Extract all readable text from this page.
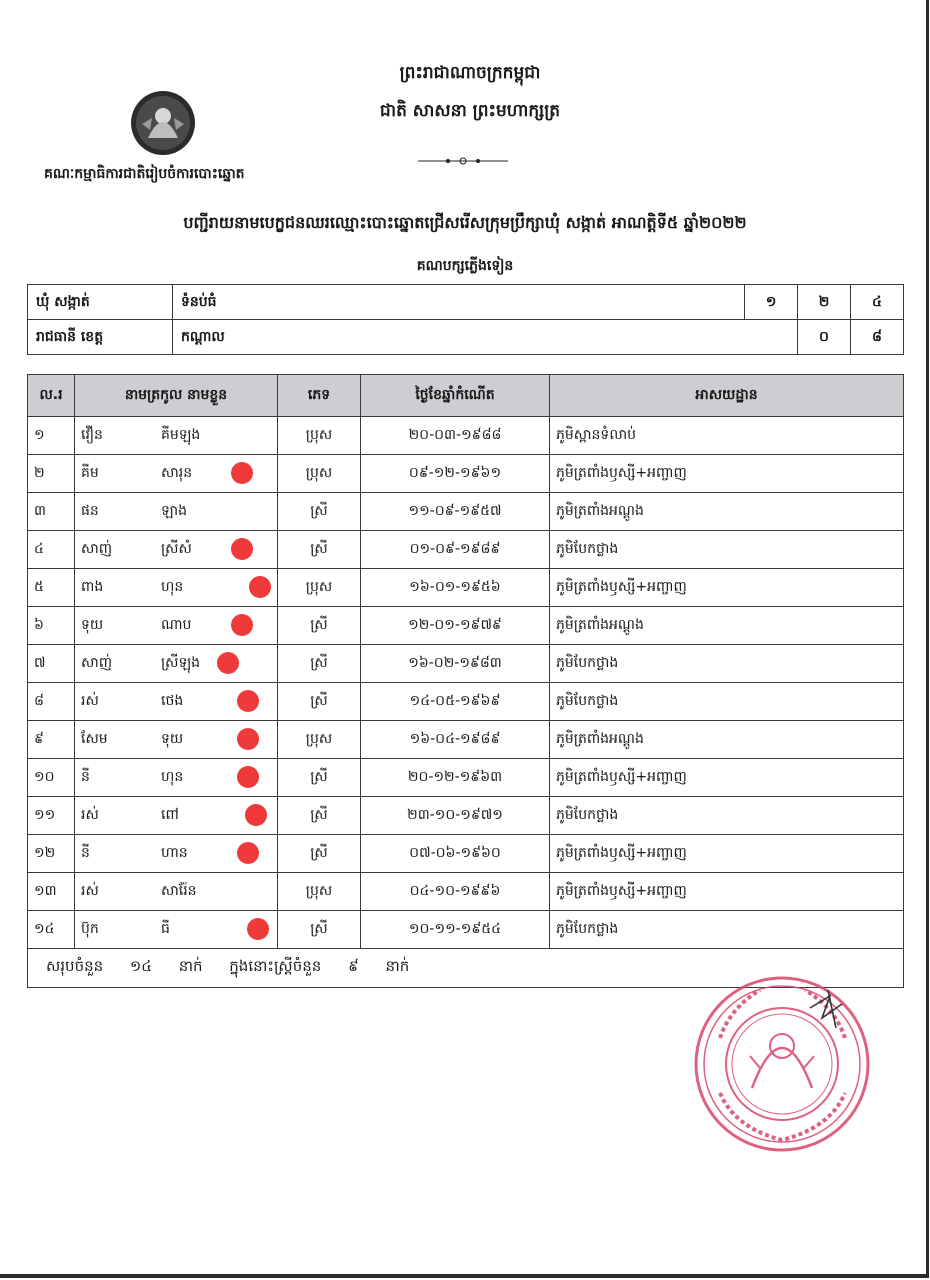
ព្រះរាជាណាចក្រកម្ពុជា
ជាតិ សាសនា ព្រះមហាក្សត្រ
គណៈកម្មាធិការជាតិរៀបចំការបោះឆ្នោត
បញ្ជីរាយនាមបេក្ខជនឈរឈ្មោះបោះឆ្នោតជ្រើសរើសក្រុមប្រឹក្សាឃុំ សង្កាត់ អាណត្តិទី៥ ឆ្នាំ២០២២
គណបក្សភ្លើងទៀន
ឃុំ សង្កាត់	ទំនប់ធំ	១	២	៤
រាជធានី ខេត្ត	កណ្ដាល		០	៨
ល.រ	នាមត្រកូល នាមខ្លួន	ភេទ	ថ្ងៃខែឆ្នាំកំណើត	អាសយដ្ឋាន
១	វឿន គីមឡុង	ប្រុស	២០-០៣-១៩៨៨	ភូមិស្ពានទំលាប់
២	គីម សារុន	ប្រុស	០៩-១២-១៩៦១	ភូមិត្រពាំងឫស្សី+អញ្ចាញ
៣	ផន ឡាង	ស្រី	១១-០៩-១៩៥៧	ភូមិត្រពាំងអណ្ដូង
៤	សាញ់ ស្រីសំ	ស្រី	០១-០៩-១៩៨៩	ភូមិបែកថ្លាង
៥	ពាង ហុន	ប្រុស	១៦-០១-១៩៥៦	ភូមិត្រពាំងឫស្សី+អញ្ចាញ
៦	ទុយ ណាប	ស្រី	១២-០១-១៩៧៩	ភូមិត្រពាំងអណ្ដូង
៧	សាញ់ ស្រីឡុង	ស្រី	១៦-០២-១៩៨៣	ភូមិបែកថ្លាង
៨	រស់ ថេង	ស្រី	១៤-០៥-១៩៦៩	ភូមិបែកថ្លាង
៩	សែម ទុយ	ប្រុស	១៦-០៤-១៩៨៩	ភូមិត្រពាំងអណ្ដូង
១០	នី ហុន	ស្រី	២០-១២-១៩៦៣	ភូមិត្រពាំងឫស្សី+អញ្ចាញ
១១	រស់ ពៅ	ស្រី	២៣-១០-១៩៧១	ភូមិបែកថ្លាង
១២	នី ហាន	ស្រី	០៧-០៦-១៩៦០	ភូមិត្រពាំងឫស្សី+អញ្ចាញ
១៣	រស់ សារ៉ែន	ប្រុស	០៤-១០-១៩៩៦	ភូមិត្រពាំងឫស្សី+អញ្ចាញ
១៤	ប៊ុក ធី	ស្រី	១០-១១-១៩៥៤	ភូមិបែកថ្លាង
សរុបចំនួន ១៤ នាក់ ក្នុងនោះស្ត្រីចំនួន ៩ នាក់				
